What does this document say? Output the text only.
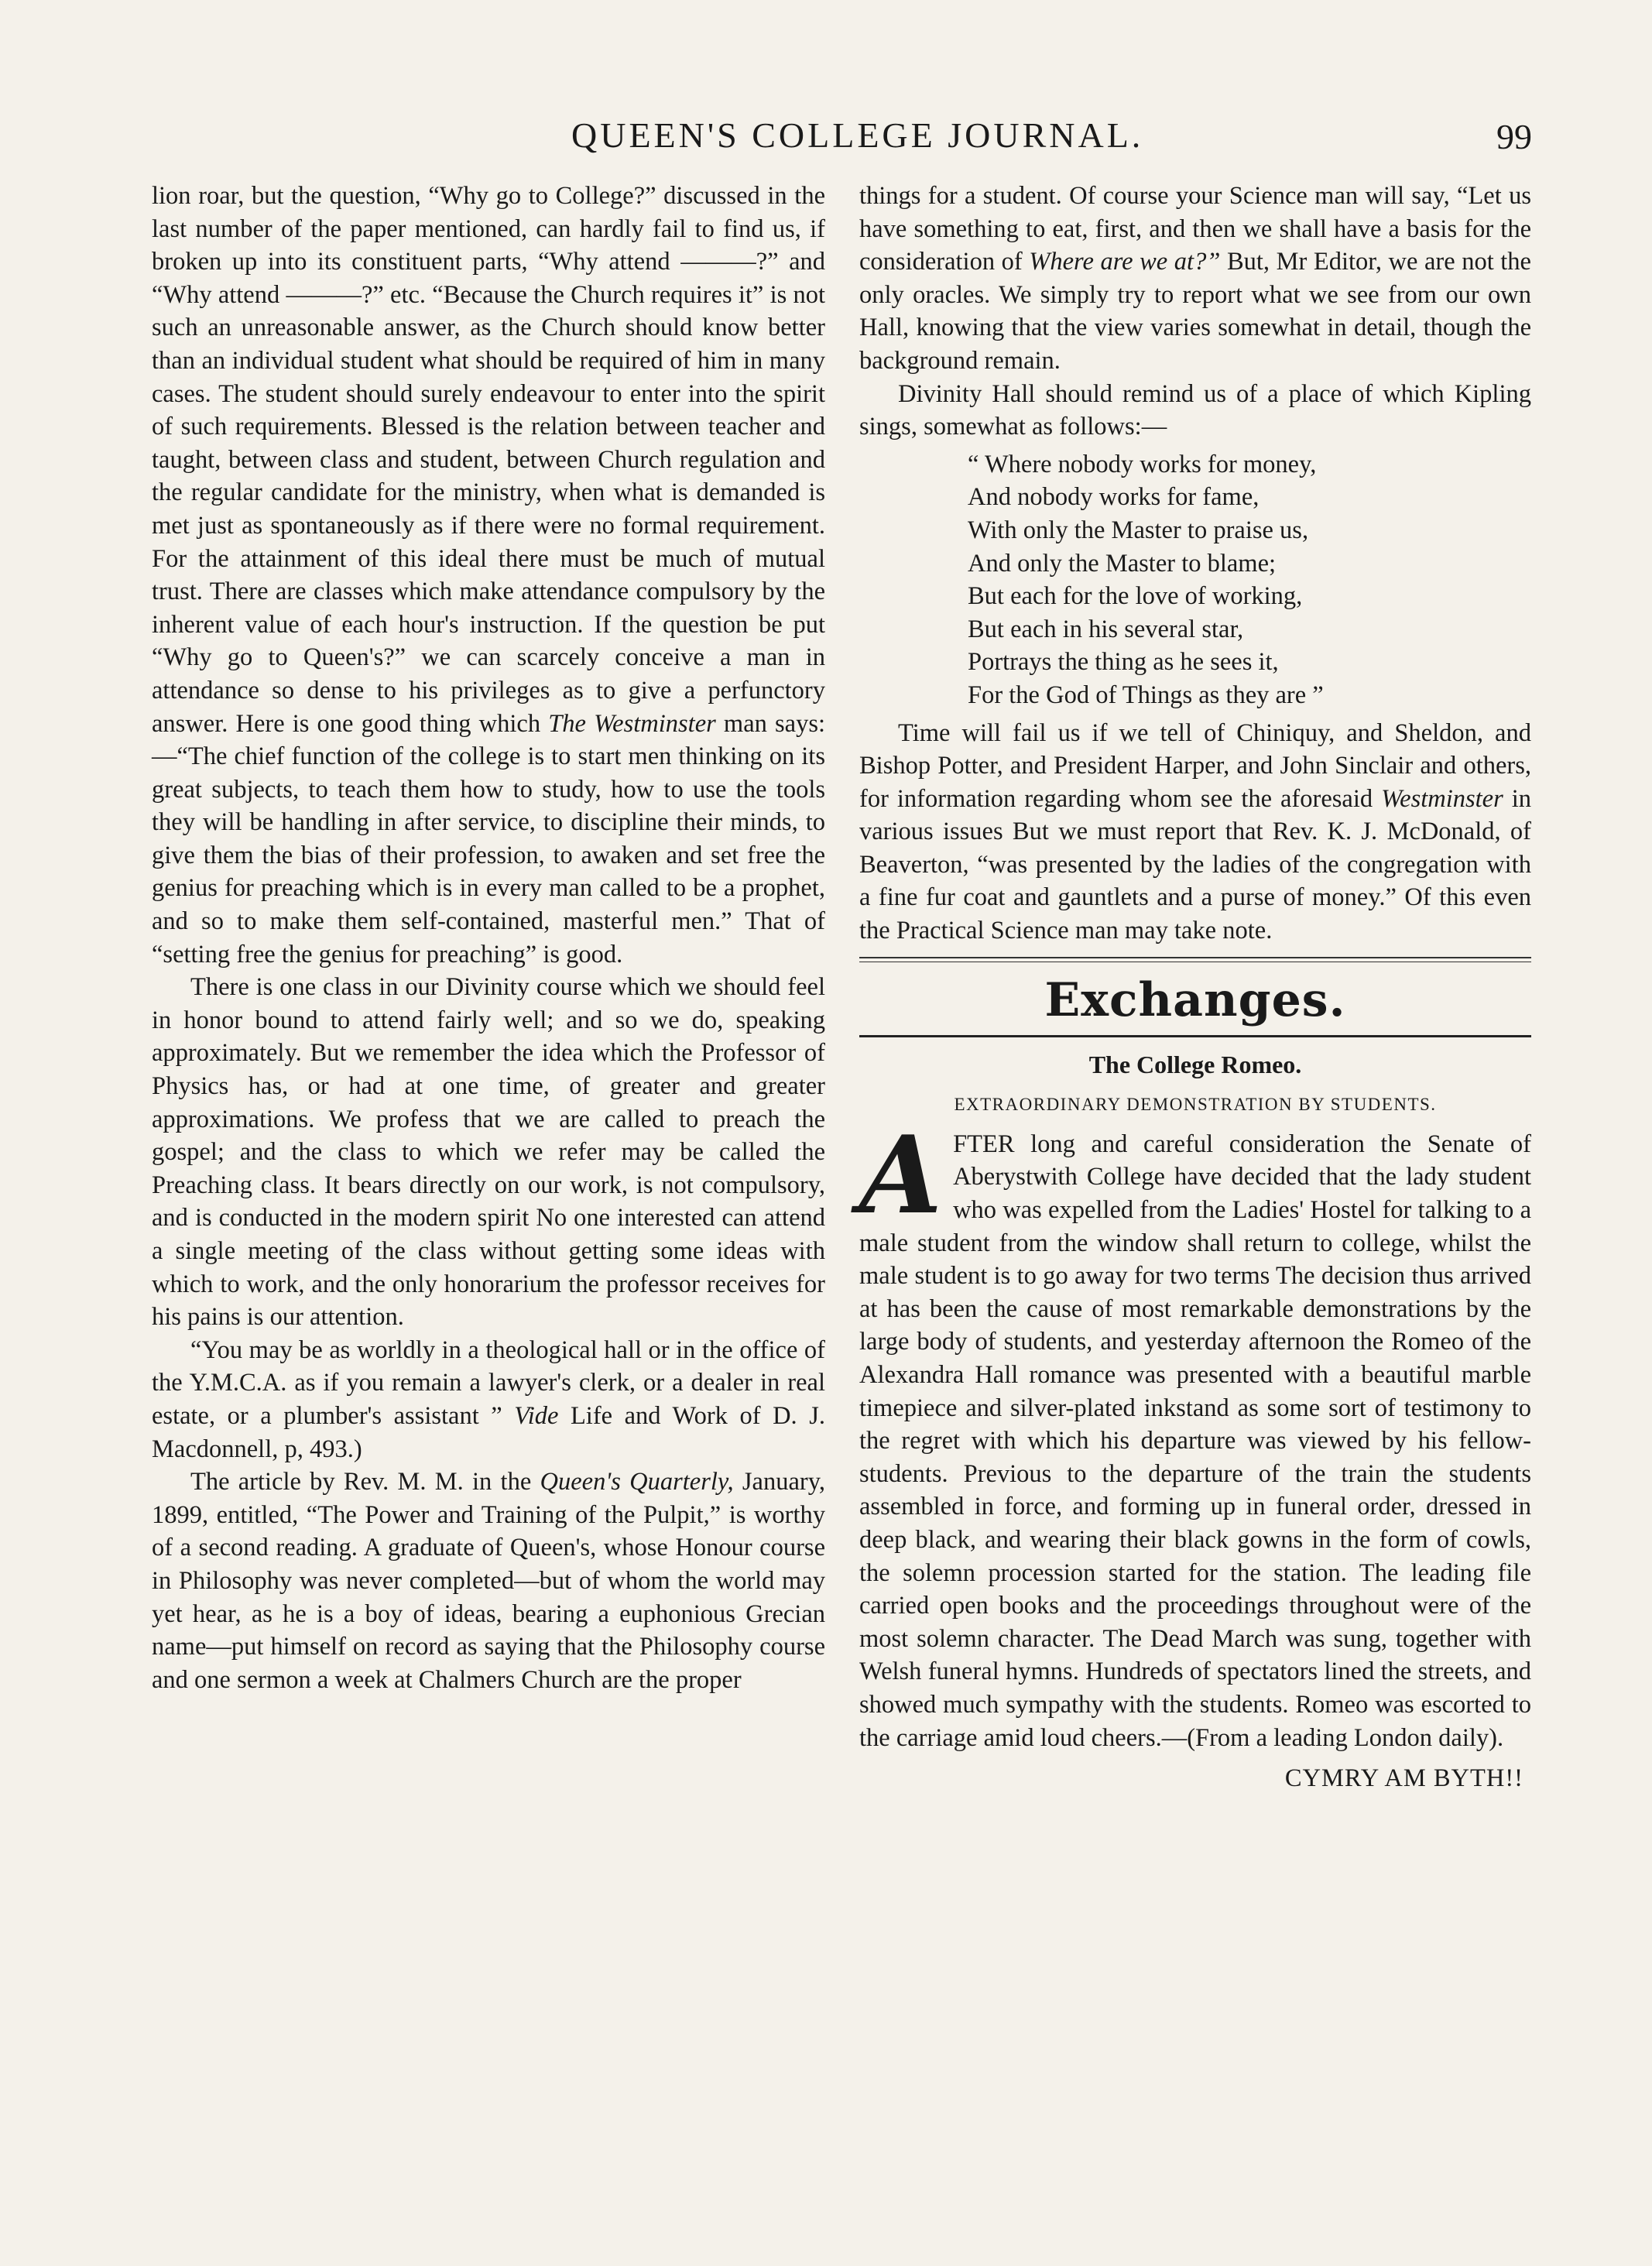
QUEEN'S COLLEGE JOURNAL.	99

lion roar, but the question, “Why go to College?” discussed in the last number of the paper mentioned, can hardly fail to find us, if broken up into its constituent parts, “Why attend ———?” and “Why attend ———?” etc. “Because the Church requires it” is not such an unreasonable answer, as the Church should know better than an individual student what should be required of him in many cases. The student should surely endeavour to enter into the spirit of such requirements. Blessed is the relation between teacher and taught, between class and student, between Church regulation and the regular candidate for the ministry, when what is demanded is met just as spontaneously as if there were no formal requirement. For the attainment of this ideal there must be much of mutual trust. There are classes which make attendance compulsory by the inherent value of each hour's instruction. If the question be put “Why go to Queen's?” we can scarcely conceive a man in attendance so dense to his privileges as to give a perfunctory answer. Here is one good thing which The Westminster man says: —“The chief function of the college is to start men thinking on its great subjects, to teach them how to study, how to use the tools they will be handling in after service, to discipline their minds, to give them the bias of their profession, to awaken and set free the genius for preaching which is in every man called to be a prophet, and so to make them self-contained, masterful men.” That of “setting free the genius for preaching” is good.

There is one class in our Divinity course which we should feel in honor bound to attend fairly well; and so we do, speaking approximately. But we remember the idea which the Professor of Physics has, or had at one time, of greater and greater approximations. We profess that we are called to preach the gospel; and the class to which we refer may be called the Preaching class. It bears directly on our work, is not compulsory, and is conducted in the modern spirit No one interested can attend a single meeting of the class without getting some ideas with which to work, and the only honorarium the professor receives for his pains is our attention.

“You may be as worldly in a theological hall or in the office of the Y.M.C.A. as if you remain a lawyer's clerk, or a dealer in real estate, or a plumber's assistant ” Vide Life and Work of D. J. Macdonnell, p, 493.)

The article by Rev. M. M. in the Queen's Quarterly, January, 1899, entitled, “The Power and Training of the Pulpit,” is worthy of a second reading. A graduate of Queen's, whose Honour course in Philosophy was never completed—but of whom the world may yet hear, as he is a boy of ideas, bearing a euphonious Grecian name—put himself on record as saying that the Philosophy course and one sermon a week at Chalmers Church are the proper

things for a student. Of course your Science man will say, “Let us have something to eat, first, and then we shall have a basis for the consideration of Where are we at?” But, Mr Editor, we are not the only oracles. We simply try to report what we see from our own Hall, knowing that the view varies somewhat in detail, though the background remain.

Divinity Hall should remind us of a place of which Kipling sings, somewhat as follows:—

“ Where nobody works for money,
And nobody works for fame,
With only the Master to praise us,
And only the Master to blame;
But each for the love of working,
But each in his several star,
Portrays the thing as he sees it,
For the God of Things as they are ”

Time will fail us if we tell of Chiniquy, and Sheldon, and Bishop Potter, and President Harper, and John Sinclair and others, for information regarding whom see the aforesaid Westminster in various issues But we must report that Rev. K. J. McDonald, of Beaverton, “was presented by the ladies of the congregation with a fine fur coat and gauntlets and a purse of money.” Of this even the Practical Science man may take note.

Exchanges.
The College Romeo.
EXTRAORDINARY DEMONSTRATION BY STUDENTS.

AFTER long and careful consideration the Senate of Aberystwith College have decided that the lady student who was expelled from the Ladies' Hostel for talking to a male student from the window shall return to college, whilst the male student is to go away for two terms The decision thus arrived at has been the cause of most remarkable demonstrations by the large body of students, and yesterday afternoon the Romeo of the Alexandra Hall romance was presented with a beautiful marble timepiece and silver-plated inkstand as some sort of testimony to the regret with which his departure was viewed by his fellow-students. Previous to the departure of the train the students assembled in force, and forming up in funeral order, dressed in deep black, and wearing their black gowns in the form of cowls, the solemn procession started for the station. The leading file carried open books and the proceedings throughout were of the most solemn character. The Dead March was sung, together with Welsh funeral hymns. Hundreds of spectators lined the streets, and showed much sympathy with the students. Romeo was escorted to the carriage amid loud cheers.—(From a leading London daily).

CYMRY AM BYTH!!
